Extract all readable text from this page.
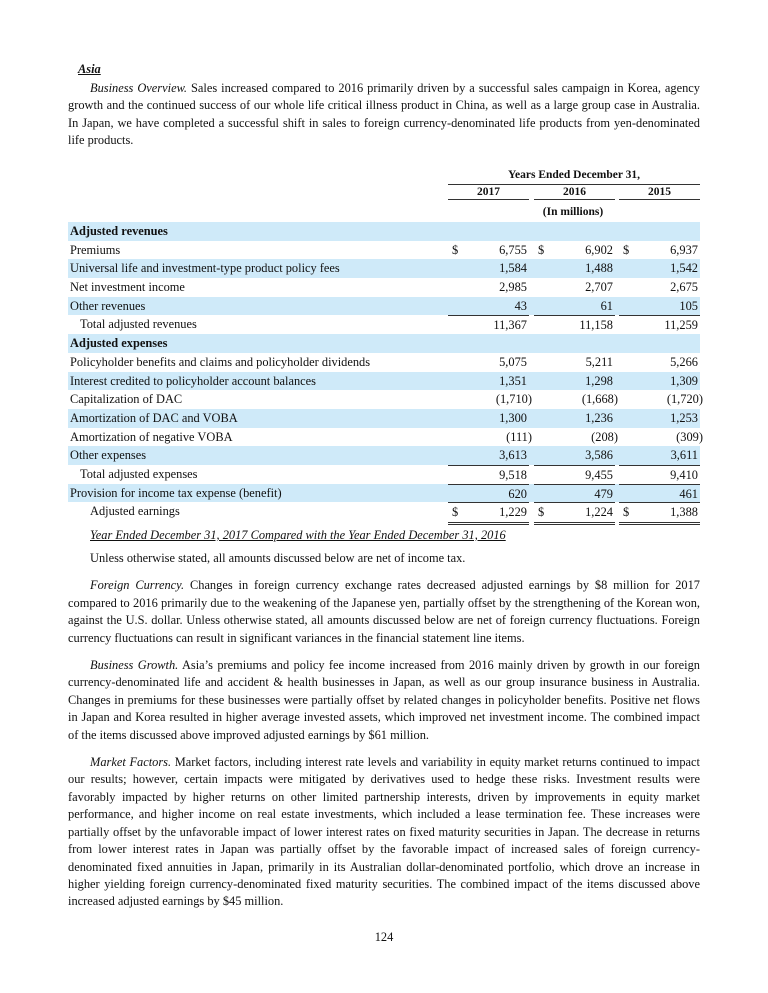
Asia

Business Overview. Sales increased compared to 2016 primarily driven by a successful sales campaign in Korea, agency growth and the continued success of our whole life critical illness product in China, as well as a large group case in Australia. In Japan, we have completed a successful shift in sales to foreign currency-denominated life products from yen-denominated life products.

Years Ended December 31,
2017	2016	2015
(In millions)
Adjusted revenues
Premiums	$	6,755 $	6,902 $	6,937
Universal life and investment-type product policy fees	1,584	1,488	1,542
Net investment income	2,985	2,707	2,675
Other revenues	43	61	105
Total adjusted revenues	11,367	11,158	11,259
Adjusted expenses
Policyholder benefits and claims and policyholder dividends	5,075	5,211	5,266
Interest credited to policyholder account balances	1,351	1,298	1,309
Capitalization of DAC	(1,710)	(1,668)	(1,720)
Amortization of DAC and VOBA	1,300	1,236	1,253
Amortization of negative VOBA	(111)	(208)	(309)
Other expenses	3,613	3,586	3,611
Total adjusted expenses	9,518	9,455	9,410
Provision for income tax expense (benefit)	620	479	461
Adjusted earnings	$	1,229 $	1,224 $	1,388
Year Ended December 31, 2017 Compared with the Year Ended December 31, 2016

Unless otherwise stated, all amounts discussed below are net of income tax.

Foreign Currency. Changes in foreign currency exchange rates decreased adjusted earnings by $8 million for 2017 compared to 2016 primarily due to the weakening of the Japanese yen, partially offset by the strengthening of the Korean won, against the U.S. dollar. Unless otherwise stated, all amounts discussed below are net of foreign currency fluctuations. Foreign currency fluctuations can result in significant variances in the financial statement line items.

Business Growth. Asia’s premiums and policy fee income increased from 2016 mainly driven by growth in our foreign currency-denominated life and accident & health businesses in Japan, as well as our group insurance business in Australia. Changes in premiums for these businesses were partially offset by related changes in policyholder benefits. Positive net flows in Japan and Korea resulted in higher average invested assets, which improved net investment income. The combined impact of the items discussed above improved adjusted earnings by $61 million.

Market Factors. Market factors, including interest rate levels and variability in equity market returns continued to impact our results; however, certain impacts were mitigated by derivatives used to hedge these risks. Investment results were favorably impacted by higher returns on other limited partnership interests, driven by improvements in equity market performance, and higher income on real estate investments, which included a lease termination fee. These increases were partially offset by the unfavorable impact of lower interest rates on fixed maturity securities in Japan. The decrease in returns from lower interest rates in Japan was partially offset by the favorable impact of increased sales of foreign currency-denominated fixed annuities in Japan, primarily in its Australian dollar-denominated portfolio, which drove an increase in higher yielding foreign currency-denominated fixed maturity securities. The combined impact of the items discussed above increased adjusted earnings by $45 million.

124
